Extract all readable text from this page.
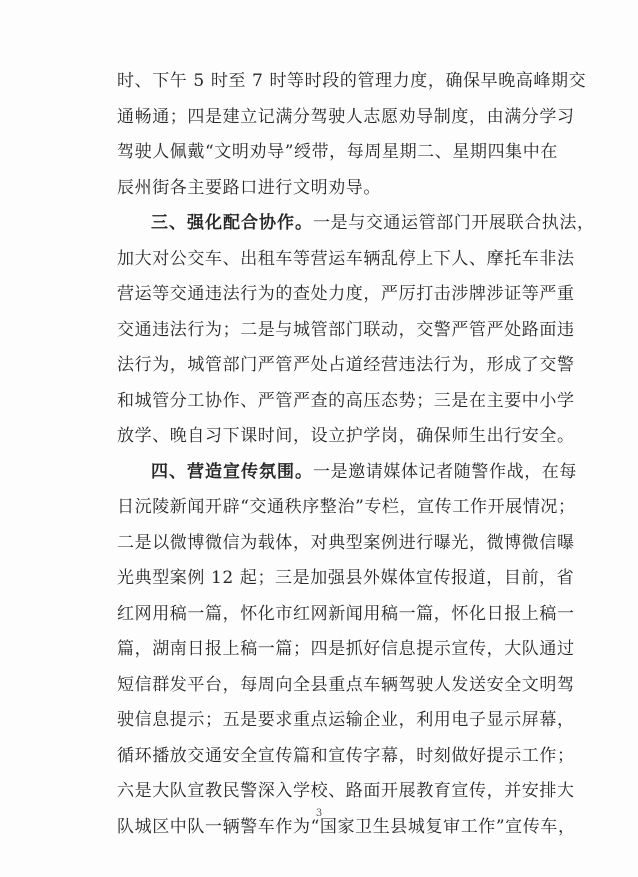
时、下午 5 时至 7 时等时段的管理力度，确保早晚高峰期交
通畅通；四是建立记满分驾驶人志愿劝导制度，由满分学习
驾驶人佩戴“文明劝导”绶带，每周星期二、星期四集中在
辰州街各主要路口进行文明劝导。
三、强化配合协作。一是与交通运管部门开展联合执法，
加大对公交车、出租车等营运车辆乱停上下人、摩托车非法
营运等交通违法行为的查处力度，严厉打击涉牌涉证等严重
交通违法行为；二是与城管部门联动，交警严管严处路面违
法行为，城管部门严管严处占道经营违法行为，形成了交警
和城管分工协作、严管严查的高压态势；三是在主要中小学
放学、晚自习下课时间，设立护学岗，确保师生出行安全。
四、营造宣传氛围。一是邀请媒体记者随警作战，在每
日沅陵新闻开辟“交通秩序整治”专栏，宣传工作开展情况；
二是以微博微信为载体，对典型案例进行曝光，微博微信曝
光典型案例 12 起；三是加强县外媒体宣传报道，目前，省
红网用稿一篇，怀化市红网新闻用稿一篇，怀化日报上稿一
篇，湖南日报上稿一篇；四是抓好信息提示宣传，大队通过
短信群发平台，每周向全县重点车辆驾驶人发送安全文明驾
驶信息提示；五是要求重点运输企业，利用电子显示屏幕，
循环播放交通安全宣传篇和宣传字幕，时刻做好提示工作；
六是大队宣教民警深入学校、路面开展教育宣传，并安排大
队城区中队一辆警车作为“国家卫生县城复审工作”宣传车，
3
